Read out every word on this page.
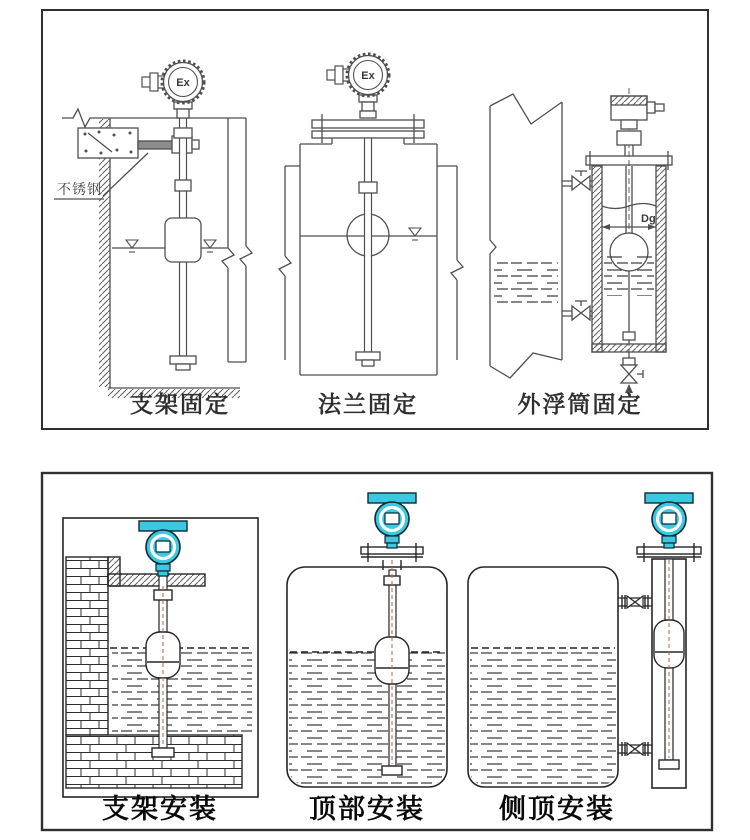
Ex
不锈钢
Ex
Dg
支架固定	法兰固定	外浮筒固定
支架安装	顶部安装	侧顶安装
